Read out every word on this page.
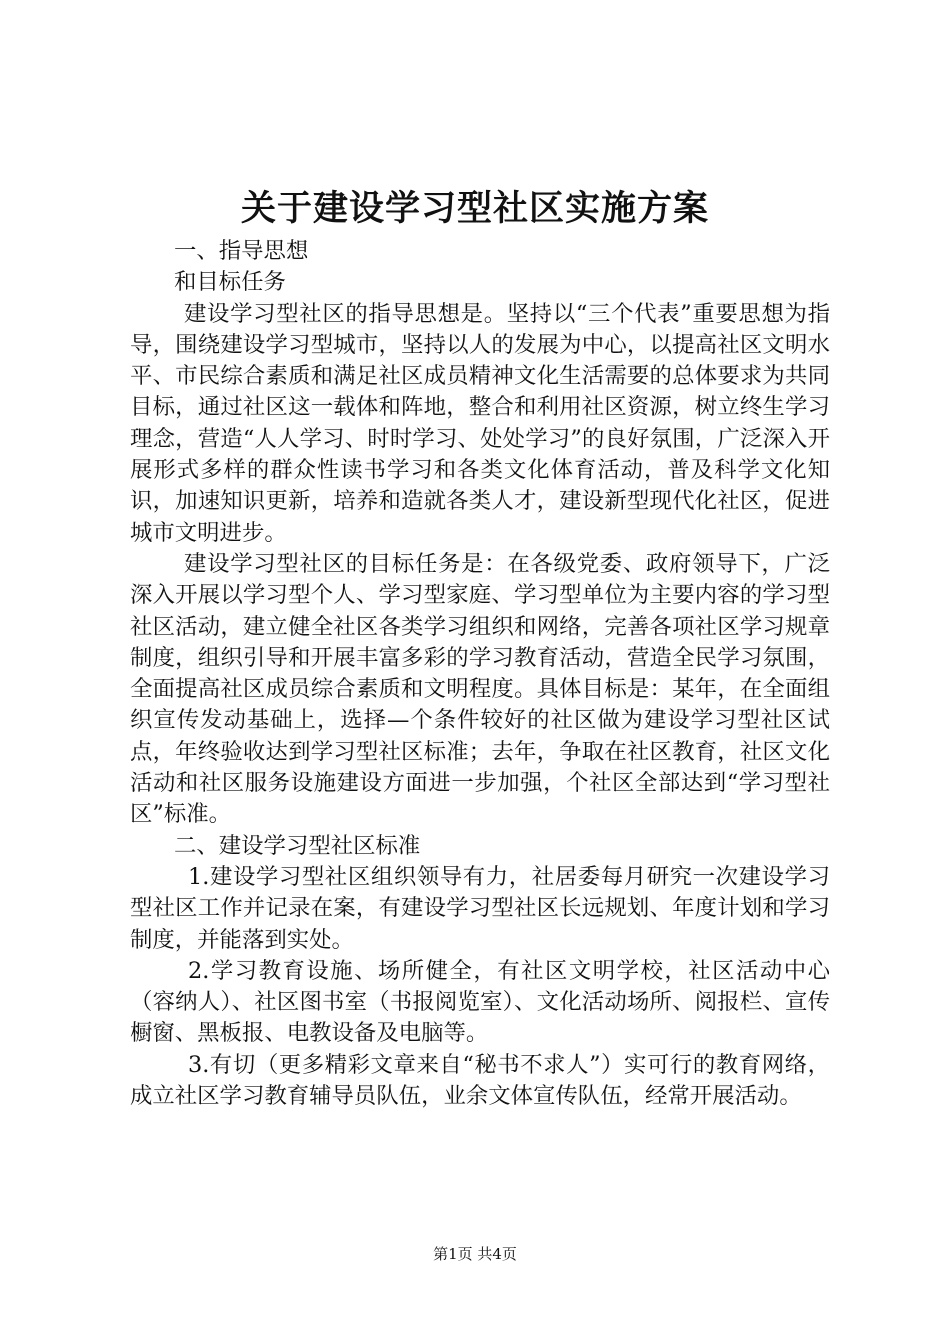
关于建设学习型社区实施方案

一、指导思想

和目标任务

建设学习型社区的指导思想是。坚持以“三个代表”重要思想为指导，围绕建设学习型城市，坚持以人的发展为中心，以提高社区文明水平、市民综合素质和满足社区成员精神文化生活需要的总体要求为共同目标，通过社区这一载体和阵地，整合和利用社区资源，树立终生学习理念，营造“人人学习、时时学习、处处学习”的良好氛围，广泛深入开展形式多样的群众性读书学习和各类文化体育活动，普及科学文化知识，加速知识更新，培养和造就各类人才，建设新型现代化社区，促进城市文明进步。

建设学习型社区的目标任务是：在各级党委、政府领导下，广泛深入开展以学习型个人、学习型家庭、学习型单位为主要内容的学习型社区活动，建立健全社区各类学习组织和网络，完善各项社区学习规章制度，组织引导和开展丰富多彩的学习教育活动，营造全民学习氛围，全面提高社区成员综合素质和文明程度。具体目标是：某年，在全面组织宣传发动基础上，选择—个条件较好的社区做为建设学习型社区试点，年终验收达到学习型社区标准；去年，争取在社区教育，社区文化活动和社区服务设施建设方面进一步加强，个社区全部达到“学习型社区”标准。

二、建设学习型社区标准

1.建设学习型社区组织领导有力，社居委每月研究一次建设学习型社区工作并记录在案，有建设学习型社区长远规划、年度计划和学习制度，并能落到实处。

2.学习教育设施、场所健全，有社区文明学校，社区活动中心（容纳人）、社区图书室（书报阅览室）、文化活动场所、阅报栏、宣传橱窗、黑板报、电教设备及电脑等。

3.有切（更多精彩文章来自“秘书不求人”）实可行的教育网络，成立社区学习教育辅导员队伍，业余文体宣传队伍，经常开展活动。

第1页 共4页
